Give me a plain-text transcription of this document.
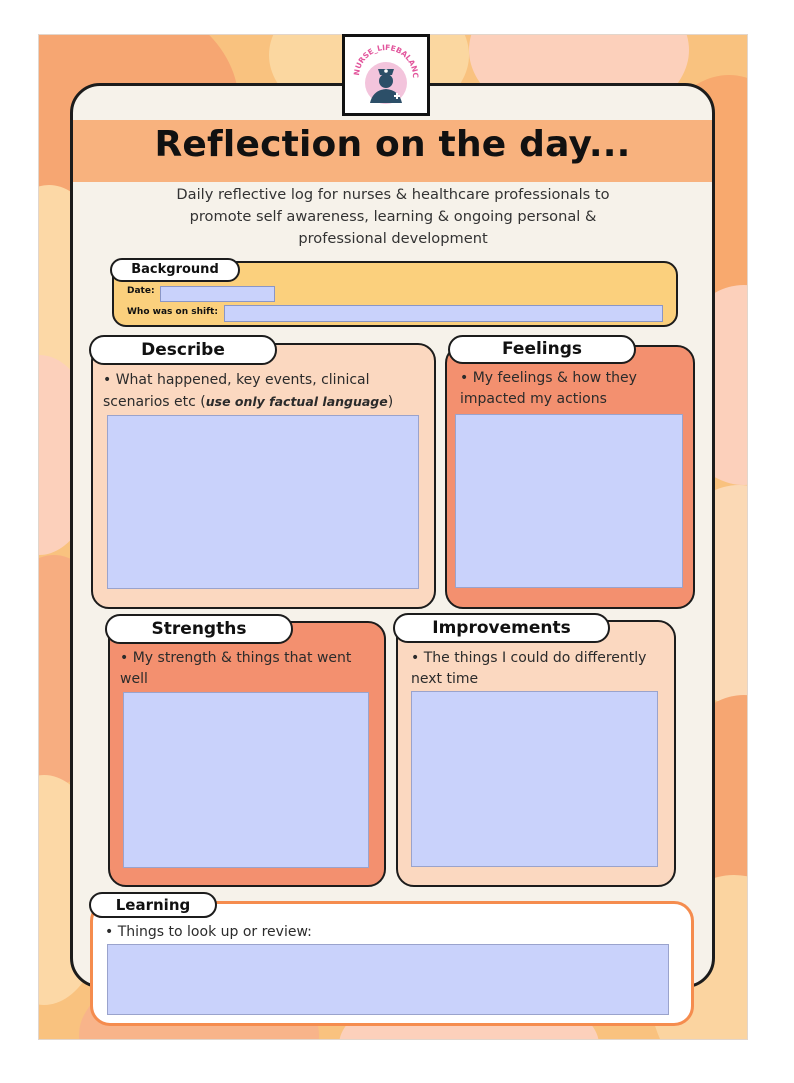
Reflection on the day...
Daily reflective log for nurses & healthcare professionals to
promote self awareness, learning & ongoing personal &
professional development
NURSE_LIFEBALANC
Background
Date:
Who was on shift:
Describe
• What happened, key events, clinical scenarios etc (use only factual language)
Feelings
• My feelings & how they impacted my actions
Strengths
• My strength & things that went well
Improvements
• The things I could do differently next time
Learning
• Things to look up or review:
